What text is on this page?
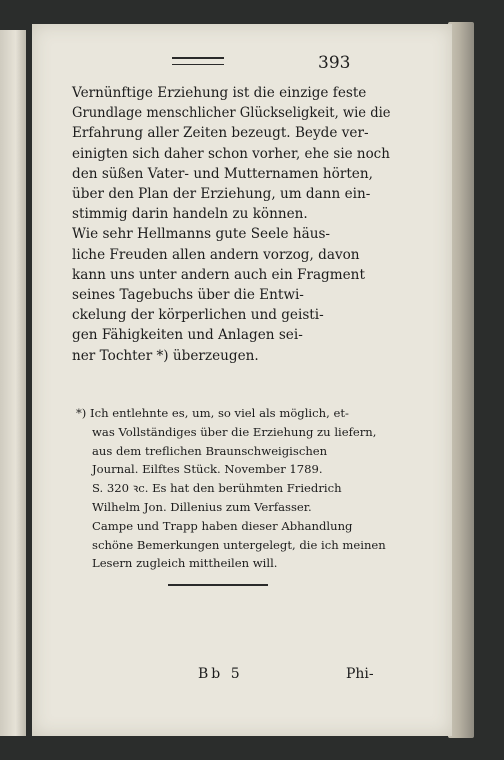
393
Vernünftige Erziehung ist die einzige feste
Grundlage menschlicher Glückseligkeit, wie die
Erfahrung aller Zeiten bezeugt. Beyde ver-
einigten sich daher schon vorher, ehe sie noch
den süßen Vater- und Mutternamen hörten,
über den Plan der Erziehung, um dann ein-
stimmig darin handeln zu können.
Wie sehr Hellmanns gute Seele häus-
liche Freuden allen andern vorzog, davon
kann uns unter andern auch ein Fragment
seines Tagebuchs über die Entwi-
ckelung der körperlichen und geisti-
gen Fähigkeiten und Anlagen sei-
ner Tochter *) überzeugen.
*) Ich entlehnte es, um, so viel als möglich, et-
was Vollständiges über die Erziehung zu liefern,
aus dem treflichen Braunschweigischen
Journal. Eilftes Stück. November 1789.
S. 320 ꝛc. Es hat den berühmten Friedrich
Wilhelm Jon. Dillenius zum Verfasser.
Campe und Trapp haben dieser Abhandlung
schöne Bemerkungen untergelegt, die ich meinen
Lesern zugleich mittheilen will.
Bb 5	Phi-
